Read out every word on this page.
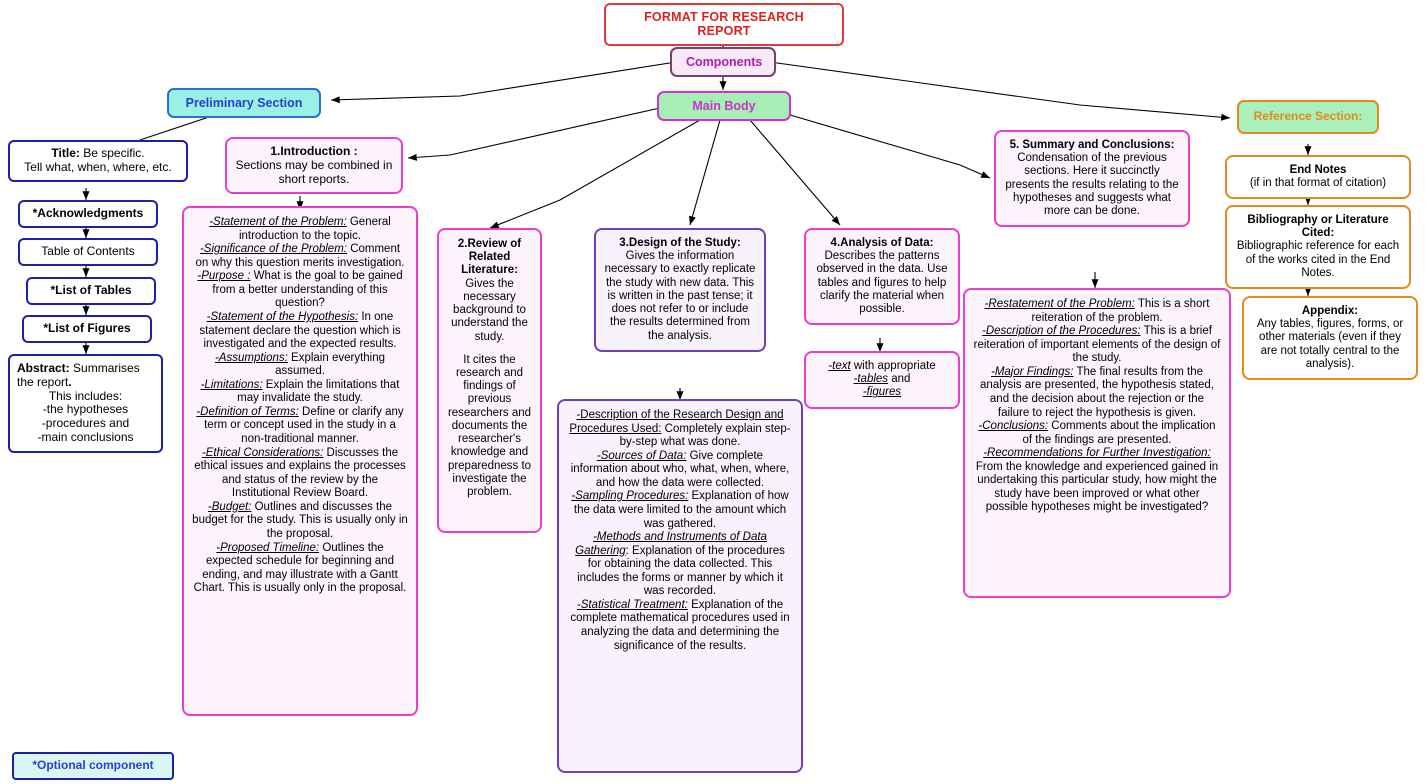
FORMAT FOR RESEARCH REPORT
Components
Preliminary Section	Main Body
Reference Section:
Title: Be specific.
Tell what, when, where, etc.
*Acknowledgments
Table of Contents
*List of Tables
*List of Figures
Abstract: Summarises the report.
This includes:
-the hypotheses
-procedures and
-main conclusions
*Optional component
1.Introduction :
Sections may be combined in short reports.
-Statement of the Problem: General introduction to the topic.
-Significance of the Problem: Comment on why this question merits investigation.
-Purpose : What is the goal to be gained from a better understanding of this question?
-Statement of the Hypothesis: In one statement declare the question which is investigated and the expected results.
-Assumptions: Explain everything assumed.
-Limitations: Explain the limitations that may invalidate the study.
-Definition of Terms: Define or clarify any term or concept used in the study in a non-traditional manner.
-Ethical Considerations: Discusses the ethical issues and explains the processes and status of the review by the Institutional Review Board.
-Budget: Outlines and discusses the budget for the study. This is usually only in the proposal.
-Proposed Timeline: Outlines the expected schedule for beginning and ending, and may illustrate with a Gantt Chart. This is usually only in the proposal.
2.Review of Related Literature:
Gives the necessary background to understand the study.
It cites the research and findings of previous researchers and documents the researcher's knowledge and preparedness to investigate the problem.
3.Design of the Study:
Gives the information necessary to exactly replicate the study with new data. This is written in the past tense; it does not refer to or include the results determined from the analysis.
-Description of the Research Design and Procedures Used: Completely explain step-by-step what was done.
-Sources of Data: Give complete information about who, what, when, where, and how the data were collected.
-Sampling Procedures: Explanation of how the data were limited to the amount which was gathered.
-Methods and Instruments of Data Gathering: Explanation of the procedures for obtaining the data collected. This includes the forms or manner by which it was recorded.
-Statistical Treatment: Explanation of the complete mathematical procedures used in analyzing the data and determining the significance of the results.
4.Analysis of Data:
Describes the patterns observed in the data. Use tables and figures to help clarify the material when possible.
-text with appropriate
-tables and
-figures
5. Summary and Conclusions:
Condensation of the previous sections. Here it succinctly presents the results relating to the hypotheses and suggests what more can be done.
-Restatement of the Problem: This is a short reiteration of the problem.
-Description of the Procedures: This is a brief reiteration of important elements of the design of the study.
-Major Findings: The final results from the analysis are presented, the hypothesis stated, and the decision about the rejection or the failure to reject the hypothesis is given.
-Conclusions: Comments about the implication of the findings are presented.
-Recommendations for Further Investigation: From the knowledge and experienced gained in undertaking this particular study, how might the study have been improved or what other possible hypotheses might be investigated?
End Notes
(if in that format of citation)
Bibliography or Literature Cited:
Bibliographic reference for each of the works cited in the End Notes.
Appendix:
Any tables, figures, forms, or other materials (even if they are not totally central to the analysis).
